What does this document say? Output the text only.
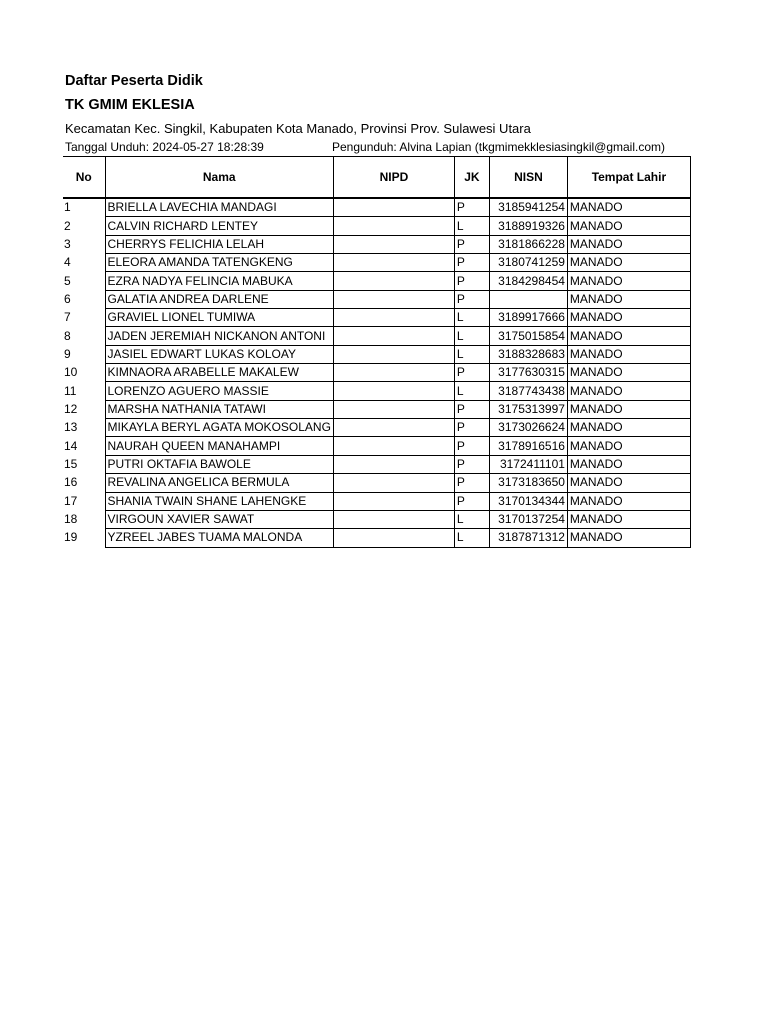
Daftar Peserta Didik
TK GMIM EKLESIA
Kecamatan Kec. Singkil, Kabupaten Kota Manado, Provinsi Prov. Sulawesi Utara
Tanggal Unduh: 2024-05-27 18:28:39	Pengunduh: Alvina Lapian (tkgmimekklesiasingkil@gmail.com)
No	Nama	NIPD	JK	NISN	Tempat Lahir
1	BRIELLA LAVECHIA MANDAGI		P	3185941254	MANADO
2	CALVIN RICHARD LENTEY		L	3188919326	MANADO
3	CHERRYS FELICHIA LELAH		P	3181866228	MANADO
4	ELEORA AMANDA TATENGKENG		P	3180741259	MANADO
5	EZRA NADYA FELINCIA MABUKA		P	3184298454	MANADO
6	GALATIA ANDREA DARLENE		P		MANADO
7	GRAVIEL LIONEL TUMIWA		L	3189917666	MANADO
8	JADEN JEREMIAH NICKANON ANTONI		L	3175015854	MANADO
9	JASIEL EDWART LUKAS KOLOAY		L	3188328683	MANADO
10	KIMNAORA ARABELLE MAKALEW		P	3177630315	MANADO
11	LORENZO AGUERO MASSIE		L	3187743438	MANADO
12	MARSHA NATHANIA TATAWI		P	3175313997	MANADO
13	MIKAYLA BERYL AGATA MOKOSOLANG		P	3173026624	MANADO
14	NAURAH QUEEN MANAHAMPI		P	3178916516	MANADO
15	PUTRI OKTAFIA BAWOLE		P	3172411101	MANADO
16	REVALINA ANGELICA BERMULA		P	3173183650	MANADO
17	SHANIA TWAIN SHANE LAHENGKE		P	3170134344	MANADO
18	VIRGOUN XAVIER SAWAT		L	3170137254	MANADO
19	YZREEL JABES TUAMA MALONDA		L	3187871312	MANADO
